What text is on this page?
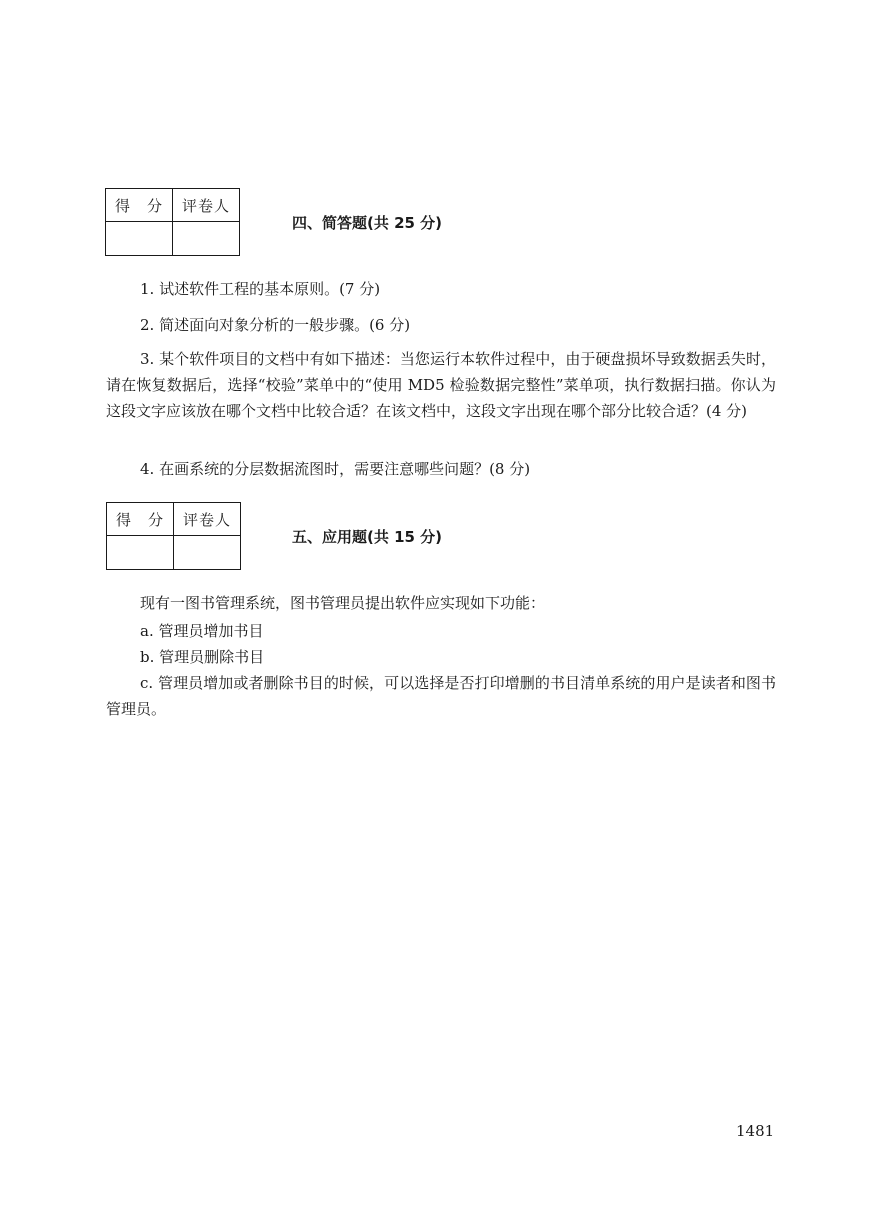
得　分	评卷人

四、简答题(共 25 分)
1. 试述软件工程的基本原则。(7 分)
2. 简述面向对象分析的一般步骤。(6 分)
3. 某个软件项目的文档中有如下描述：当您运行本软件过程中，由于硬盘损坏导致数据丢失时，请在恢复数据后，选择“校验”菜单中的“使用 MD5 检验数据完整性”菜单项，执行数据扫描。你认为这段文字应该放在哪个文档中比较合适？在该文档中，这段文字出现在哪个部分比较合适？(4 分)
4. 在画系统的分层数据流图时，需要注意哪些问题？(8 分)
得　分	评卷人

五、应用题(共 15 分)
现有一图书管理系统，图书管理员提出软件应实现如下功能：
a. 管理员增加书目
b. 管理员删除书目
c. 管理员增加或者删除书目的时候，可以选择是否打印增删的书目清单系统的用户是读者和图书管理员。
1481
